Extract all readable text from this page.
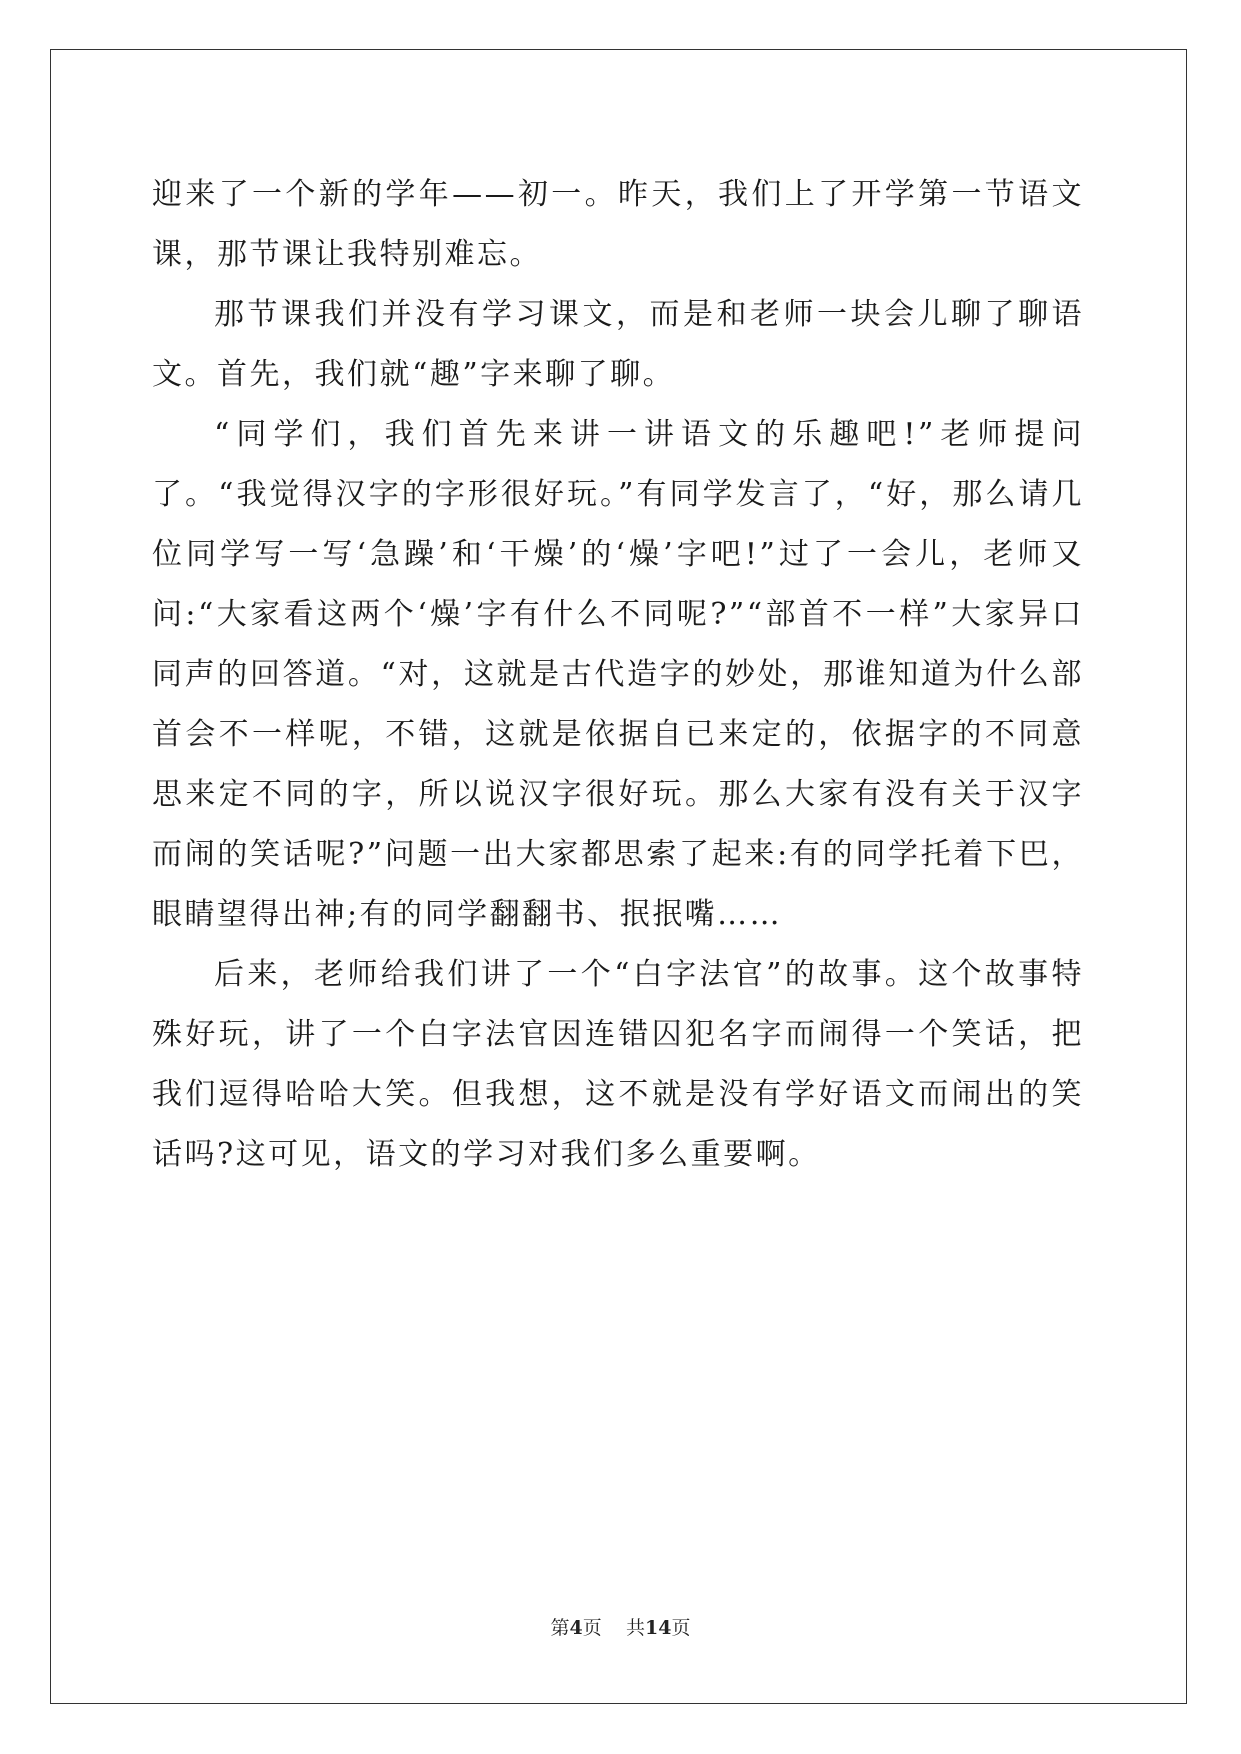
迎来了一个新的学年——初一。昨天，我们上了开学第一节语文课，那节课让我特别难忘。

那节课我们并没有学习课文，而是和老师一块会儿聊了聊语文。首先，我们就“趣”字来聊了聊。

“同学们，我们首先来讲一讲语文的乐趣吧!”老师提问了。“我觉得汉字的字形很好玩。”有同学发言了，“好，那么请几位同学写一写‘急躁’和‘干燥’的‘燥’字吧!”过了一会儿，老师又问:“大家看这两个‘燥’字有什么不同呢?”“部首不一样”大家异口同声的回答道。“对，这就是古代造字的妙处，那谁知道为什么部首会不一样呢，不错，这就是依据自已来定的，依据字的不同意思来定不同的字，所以说汉字很好玩。那么大家有没有关于汉字而闹的笑话呢?”问题一出大家都思索了起来:有的同学托着下巴，眼睛望得出神;有的同学翻翻书、抿抿嘴……

后来，老师给我们讲了一个“白字法官”的故事。这个故事特殊好玩，讲了一个白字法官因连错囚犯名字而闹得一个笑话，把我们逗得哈哈大笑。但我想，这不就是没有学好语文而闹出的笑话吗?这可见，语文的学习对我们多么重要啊。

第4页 共14页
